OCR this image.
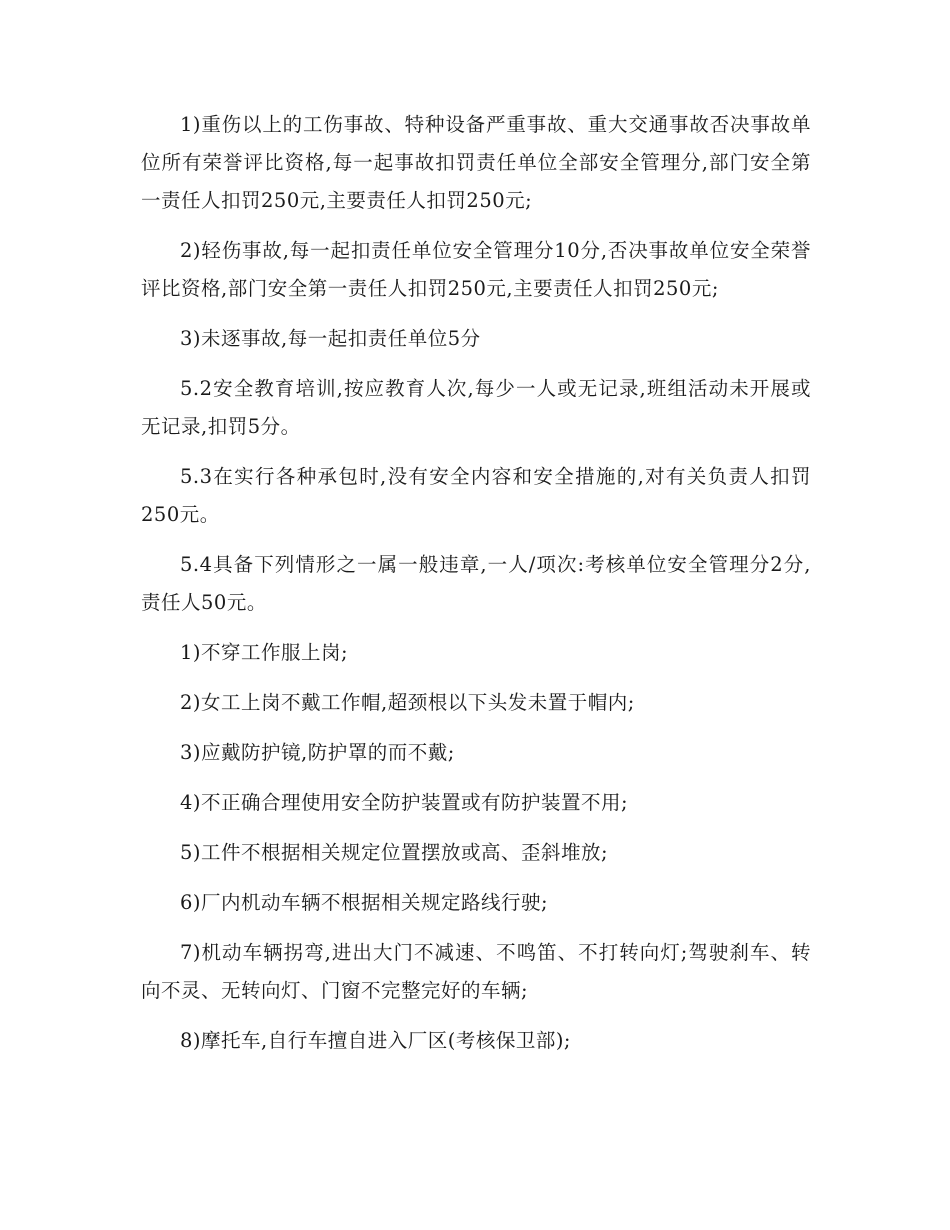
1)重伤以上的工伤事故、特种设备严重事故、重大交通事故否决事故单位所有荣誉评比资格,每一起事故扣罚责任单位全部安全管理分,部门安全第一责任人扣罚250元,主要责任人扣罚250元;

2)轻伤事故,每一起扣责任单位安全管理分10分,否决事故单位安全荣誉评比资格,部门安全第一责任人扣罚250元,主要责任人扣罚250元;

3)未逐事故,每一起扣责任单位5分

5.2安全教育培训,按应教育人次,每少一人或无记录,班组活动未开展或无记录,扣罚5分。

5.3在实行各种承包时,没有安全内容和安全措施的,对有关负责人扣罚250元。

5.4具备下列情形之一属一般违章,一人/项次:考核单位安全管理分2分,责任人50元。

1)不穿工作服上岗;

2)女工上岗不戴工作帽,超颈根以下头发未置于帽内;

3)应戴防护镜,防护罩的而不戴;

4)不正确合理使用安全防护装置或有防护装置不用;

5)工件不根据相关规定位置摆放或高、歪斜堆放;

6)厂内机动车辆不根据相关规定路线行驶;

7)机动车辆拐弯,进出大门不减速、不鸣笛、不打转向灯;驾驶刹车、转向不灵、无转向灯、门窗不完整完好的车辆;

8)摩托车,自行车擅自进入厂区(考核保卫部);
